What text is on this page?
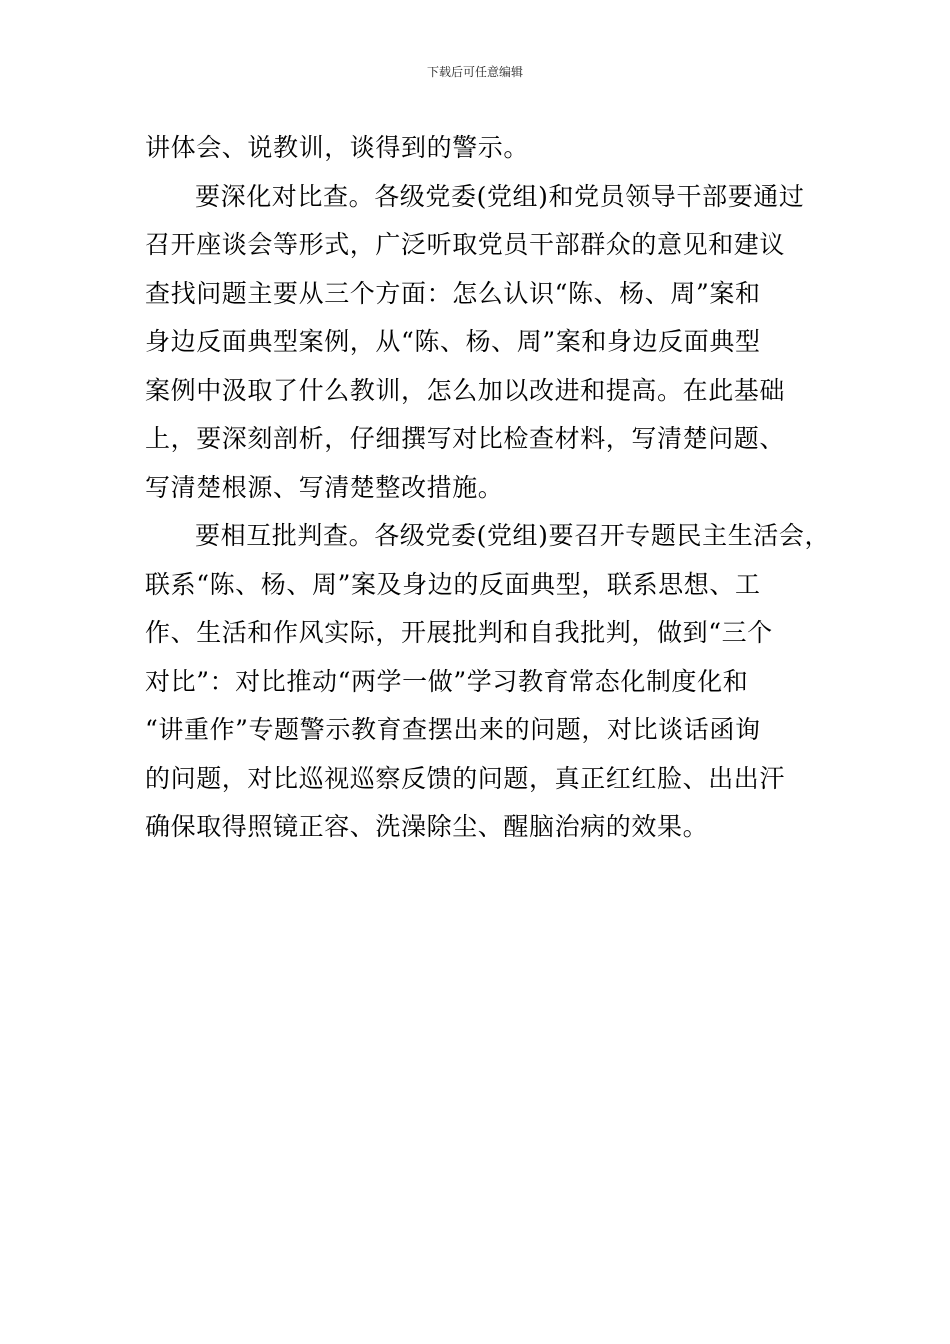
下载后可任意编辑
讲体会、说教训，谈得到的警示。
要深化对比查。各级党委(党组)和党员领导干部要通过
召开座谈会等形式，广泛听取党员干部群众的意见和建议
查找问题主要从三个方面：怎么认识“陈、杨、周”案和
身边反面典型案例，从“陈、杨、周”案和身边反面典型
案例中汲取了什么教训，怎么加以改进和提高。在此基础
上，要深刻剖析，仔细撰写对比检查材料，写清楚问题、
写清楚根源、写清楚整改措施。
要相互批判查。各级党委(党组)要召开专题民主生活会，
联系“陈、杨、周”案及身边的反面典型，联系思想、工
作、生活和作风实际，开展批判和自我批判，做到“三个
对比”：对比推动“两学一做”学习教育常态化制度化和
“讲重作”专题警示教育查摆出来的问题，对比谈话函询
的问题，对比巡视巡察反馈的问题，真正红红脸、出出汗
确保取得照镜正容、洗澡除尘、醒脑治病的效果。
